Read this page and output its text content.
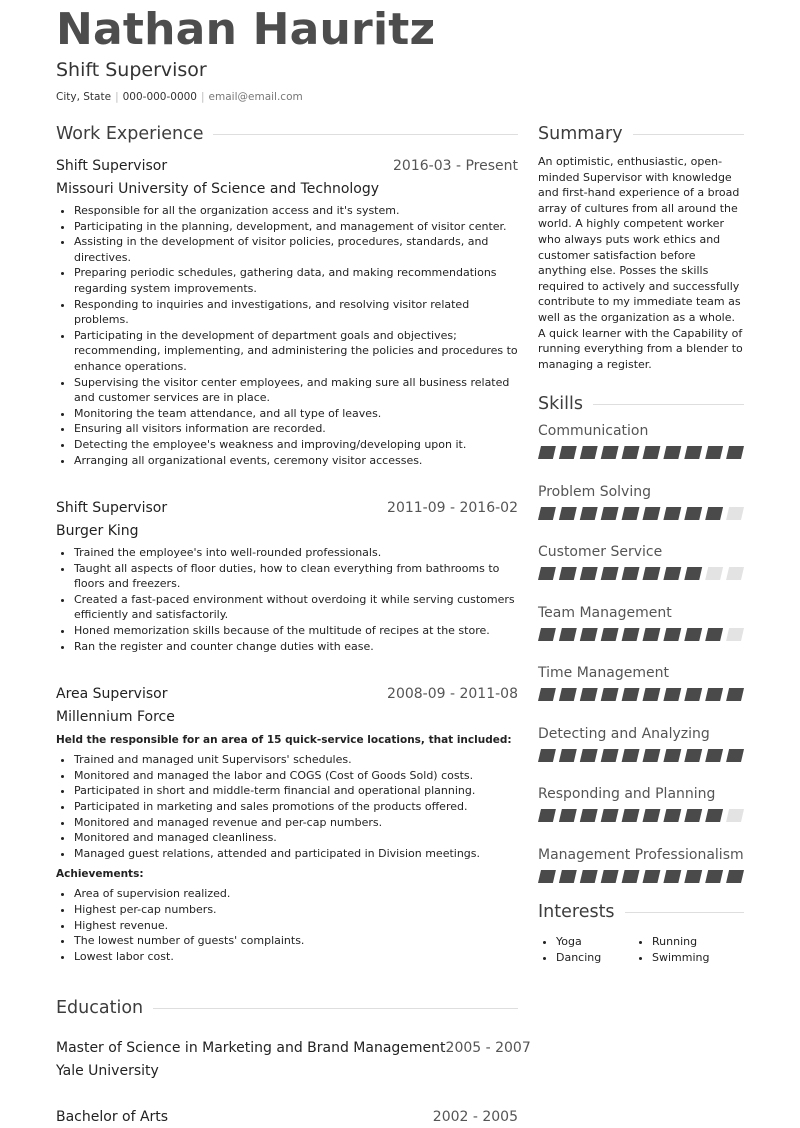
Nathan Hauritz
Shift Supervisor
City, State | 000-000-0000 | email@email.com
Work Experience
Shift Supervisor	2016-03 - Present
Missouri University of Science and Technology
• Responsible for all the organization access and it's system.
• Participating in the planning, development, and management of visitor center.
• Assisting in the development of visitor policies, procedures, standards, and directives.
• Preparing periodic schedules, gathering data, and making recommendations regarding system improvements.
• Responding to inquiries and investigations, and resolving visitor related problems.
• Participating in the development of department goals and objectives; recommending, implementing, and administering the policies and procedures to enhance operations.
• Supervising the visitor center employees, and making sure all business related and customer services are in place.
• Monitoring the team attendance, and all type of leaves.
• Ensuring all visitors information are recorded.
• Detecting the employee's weakness and improving/developing upon it.
• Arranging all organizational events, ceremony visitor accesses.
Shift Supervisor	2011-09 - 2016-02
Burger King
• Trained the employee's into well-rounded professionals.
• Taught all aspects of floor duties, how to clean everything from bathrooms to floors and freezers.
• Created a fast-paced environment without overdoing it while serving customers efficiently and satisfactorily.
• Honed memorization skills because of the multitude of recipes at the store.
• Ran the register and counter change duties with ease.
Area Supervisor	2008-09 - 2011-08
Millennium Force
Held the responsible for an area of 15 quick-service locations, that included:
• Trained and managed unit Supervisors' schedules.
• Monitored and managed the labor and COGS (Cost of Goods Sold) costs.
• Participated in short and middle-term financial and operational planning.
• Participated in marketing and sales promotions of the products offered.
• Monitored and managed revenue and per-cap numbers.
• Monitored and managed cleanliness.
• Managed guest relations, attended and participated in Division meetings.
Achievements:
• Area of supervision realized.
• Highest per-cap numbers.
• Highest revenue.
• The lowest number of guests' complaints.
• Lowest labor cost.
Education
Master of Science in Marketing and Brand Management 2005 - 2007
Yale University
Bachelor of Arts	2002 - 2005
Summary

An optimistic, enthusiastic, open-minded Supervisor with knowledge and first-hand experience of a broad array of cultures from all around the world. A highly competent worker who always puts work ethics and customer satisfaction before anything else. Posses the skills required to actively and successfully contribute to my immediate team as well as the organization as a whole. A quick learner with the Capability of running everything from a blender to managing a register.

Skills
Communication
Problem Solving
Customer Service
Team Management
Time Management
Detecting and Analyzing
Responding and Planning
Management Professionalism
Interests
• Yoga
• Dancing
• Running
• Swimming
